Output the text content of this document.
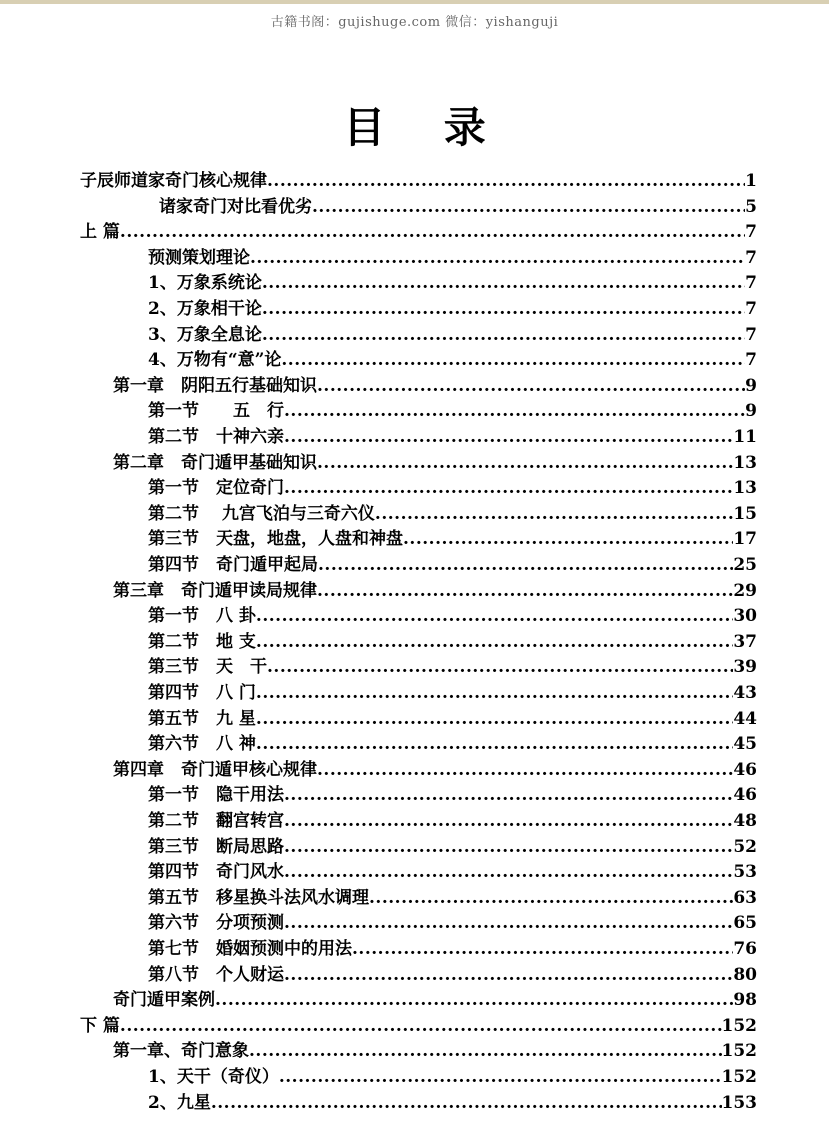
古籍书阁：gujishuge.com 微信：yishanguji
目 录
子辰师道家奇门核心规律 .....	1
诸家奇门对比看优劣 .....	5
上 篇 .....	7
预测策划理论 .....	7
1、万象系统论 .....	7
2、万象相干论 .....	7
3、万象全息论 .....	7
4、万物有“意”论 .....	7
第一章　阴阳五行基础知识 .....	9
第一节　　五　行 .....	9
第二节　十神六亲 .....	11
第二章　奇门遁甲基础知识 .....	13
第一节　定位奇门 .....	13
第二节　 九宫飞泊与三奇六仪 .....	15
第三节　天盘，地盘，人盘和神盘 .....	17
第四节　奇门遁甲起局 .....	25
第三章　奇门遁甲读局规律 .....	29
第一节　八 卦 .....	30
第二节　地 支 .....	37
第三节　天　干 .....	39
第四节　八 门 .....	43
第五节　九 星 .....	44
第六节　八 神 .....	45
第四章　奇门遁甲核心规律 .....	46
第一节　隐干用法 .....	46
第二节　翻宫转宫 .....	48
第三节　断局思路 .....	52
第四节　奇门风水 .....	53
第五节　移星换斗法风水调理 .....	63
第六节　分项预测 .....	65
第七节　婚姻预测中的用法 .....	76
第八节　个人财运 .....	80
奇门遁甲案例 .....	98
下 篇 .....	152
第一章、奇门意象 .....	152
1、天干（奇仪） .....	152
2、九星 .....	153
